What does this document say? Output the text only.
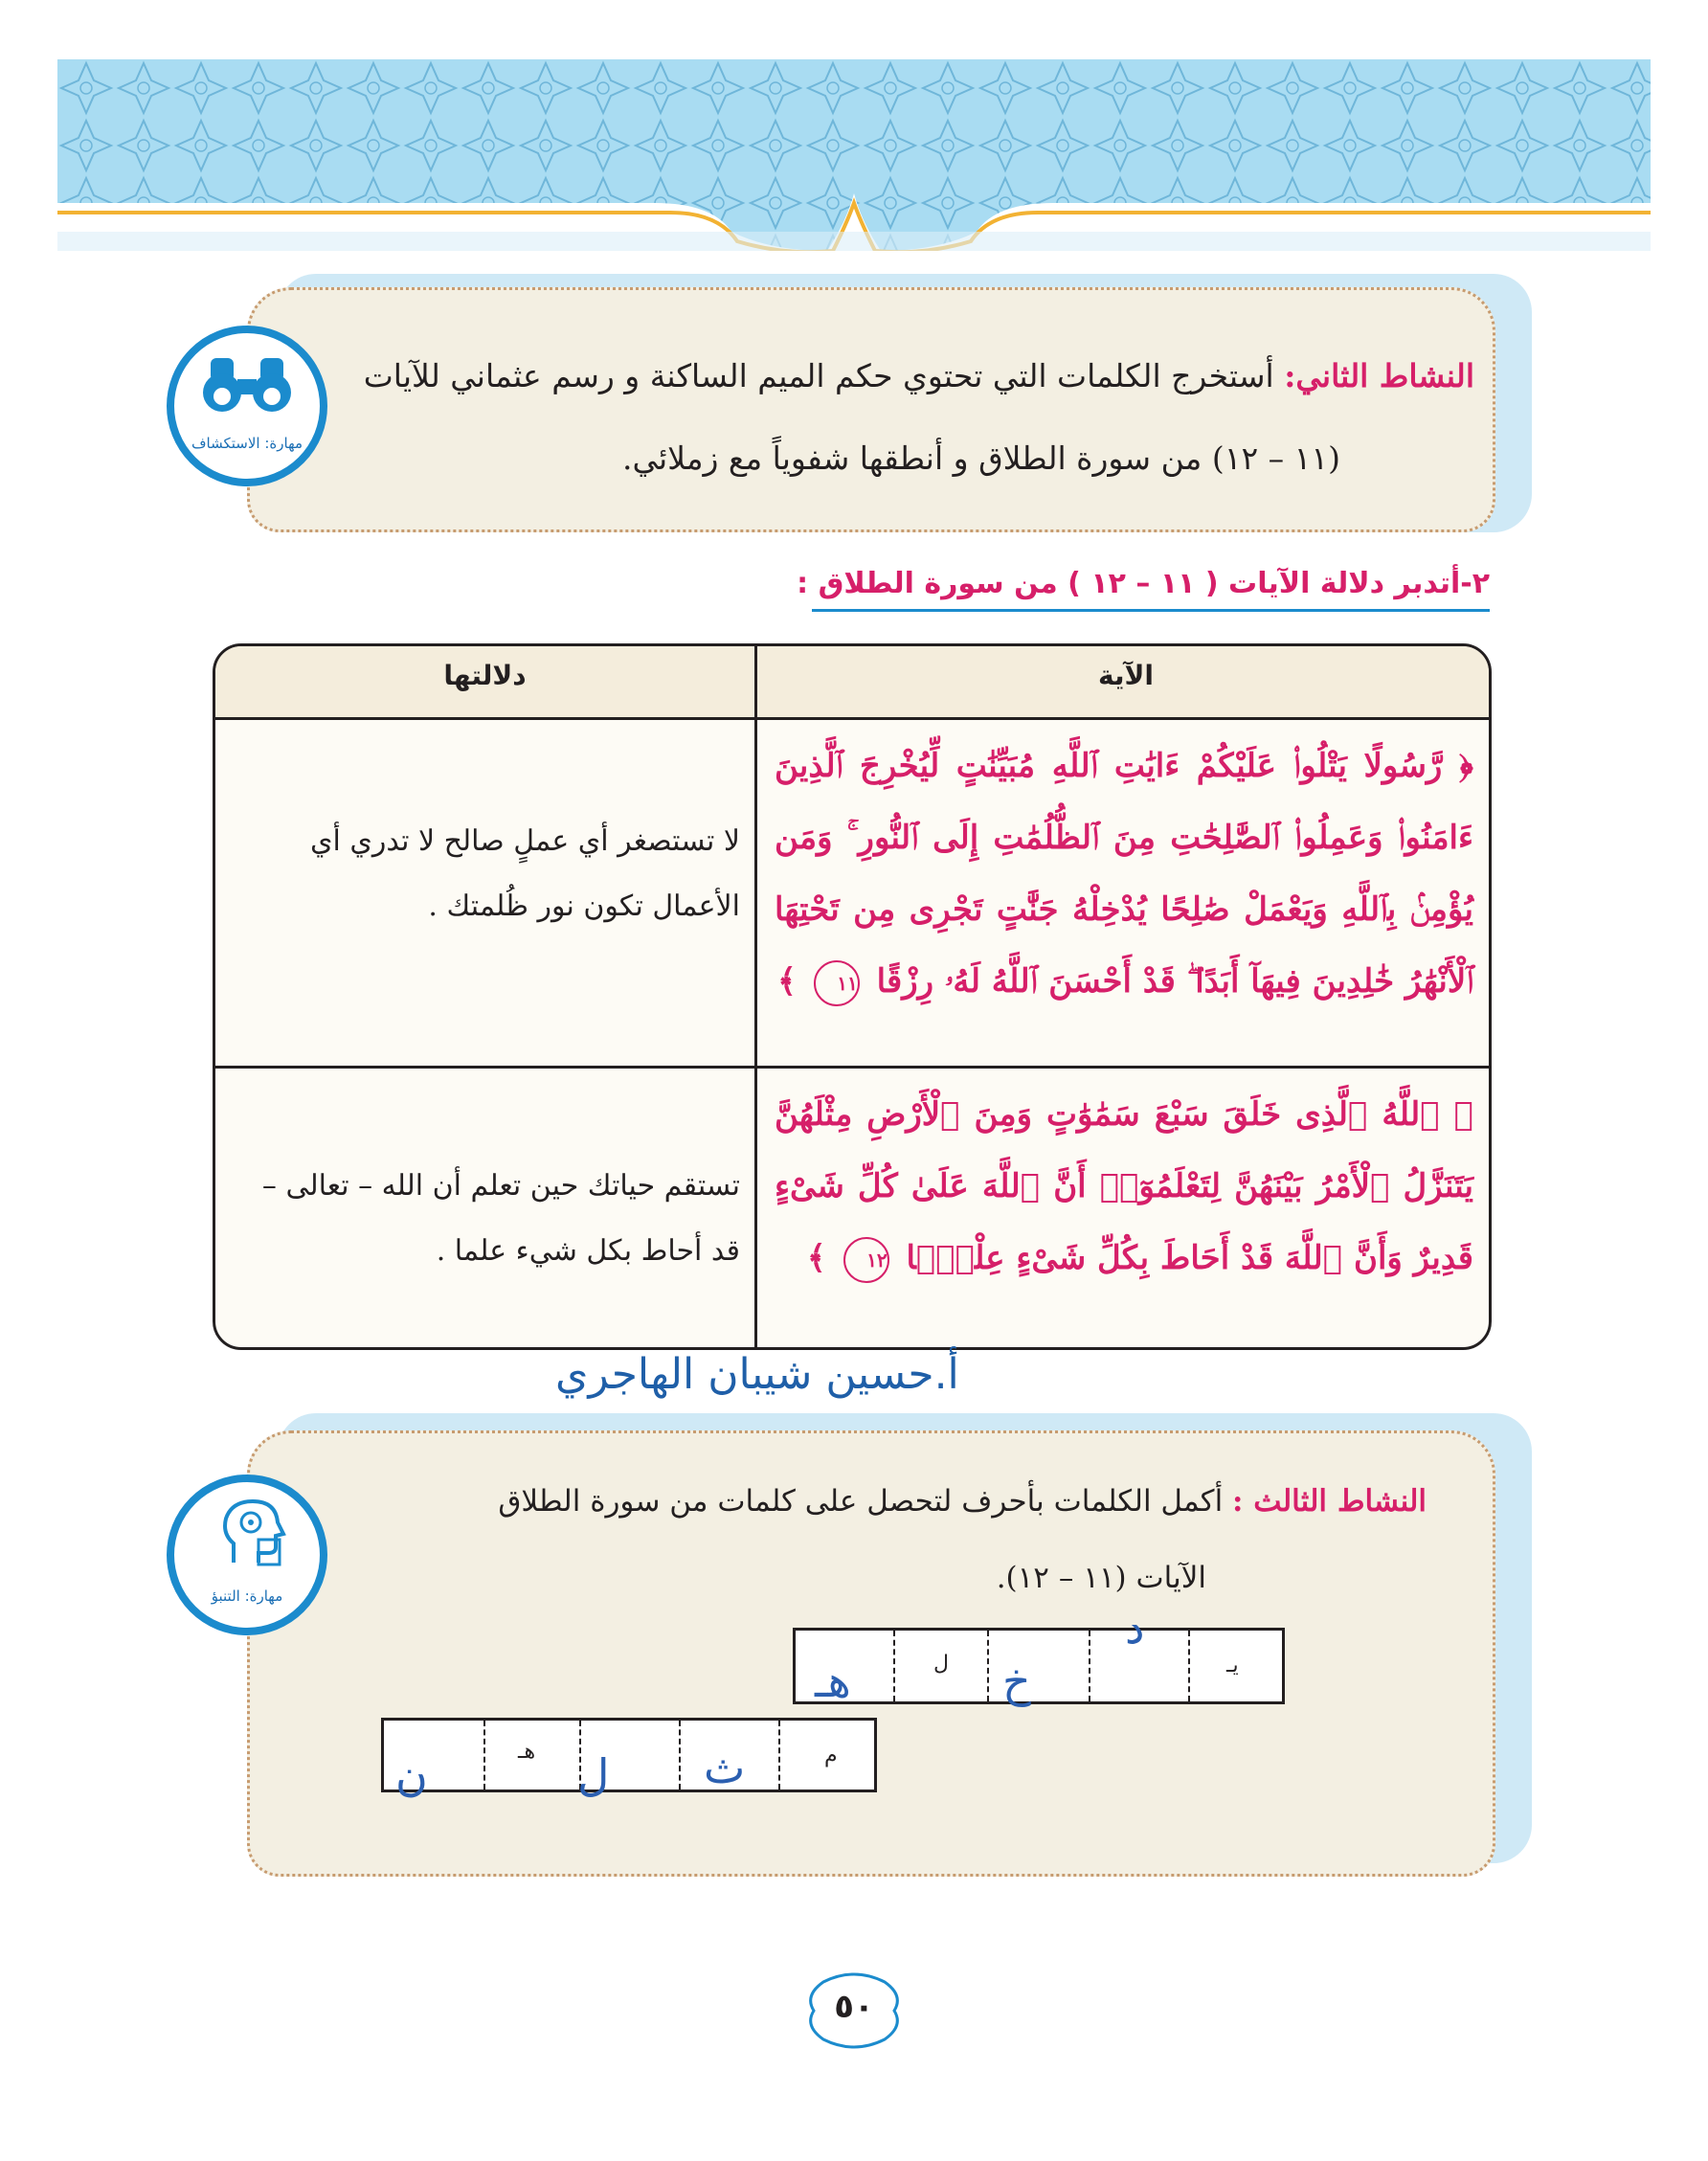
النشاط الثاني: أستخرج الكلمات التي تحتوي حكم الميم الساكنة و رسم عثماني للآيات
(١١ – ١٢) من سورة الطلاق و أنطقها شفوياً مع زملائي.
مهارة: الاستكشاف
٢-أتدبر دلالة الآيات ( ١١ – ١٢ ) من سورة الطلاق :
الآية
دلالتها
﴿ رَّسُولًا يَتْلُوا۟ عَلَيْكُمْ ءَايَٰتِ ٱللَّهِ مُبَيِّنَٰتٍ لِّيُخْرِجَ ٱلَّذِينَ ءَامَنُوا۟ وَعَمِلُوا۟ ٱلصَّٰلِحَٰتِ مِنَ ٱلظُّلُمَٰتِ إِلَى ٱلنُّورِ ۚ وَمَن يُؤْمِنۢ بِٱللَّهِ وَيَعْمَلْ صَٰلِحًا يُدْخِلْهُ جَنَّٰتٍ تَجْرِى مِن تَحْتِهَا ٱلْأَنْهَٰرُ خَٰلِدِينَ فِيهَآ أَبَدًا ۖ قَدْ أَحْسَنَ ٱللَّهُ لَهُۥ رِزْقًا ١١ ﴾
لا تستصغر أي عملٍ صالح لا تدري أي الأعمال تكون نور ظُلمتك .
﴿ ٱللَّهُ ٱلَّذِى خَلَقَ سَبْعَ سَمَٰوَٰتٍ وَمِنَ ٱلْأَرْضِ مِثْلَهُنَّ يَتَنَزَّلُ ٱلْأَمْرُ بَيْنَهُنَّ لِتَعْلَمُوٓا۟ أَنَّ ٱللَّهَ عَلَىٰ كُلِّ شَىْءٍ قَدِيرٌ وَأَنَّ ٱللَّهَ قَدْ أَحَاطَ بِكُلِّ شَىْءٍ عِلْمًۢا ١٢ ﴾
تستقم حياتك حين تعلم أن الله – تعالى – قد أحاط بكل شيء علما .
أ.حسين شيبان الهاجري
النشاط الثالث : أكمل الكلمات بأحرف لتحصل على كلمات من سورة الطلاق
الآيات (١١ – ١٢).
مهارة: التنبؤ
يـ
ل
د
خ
هـ
م
هـ	ث
ل
ن
٥٠
